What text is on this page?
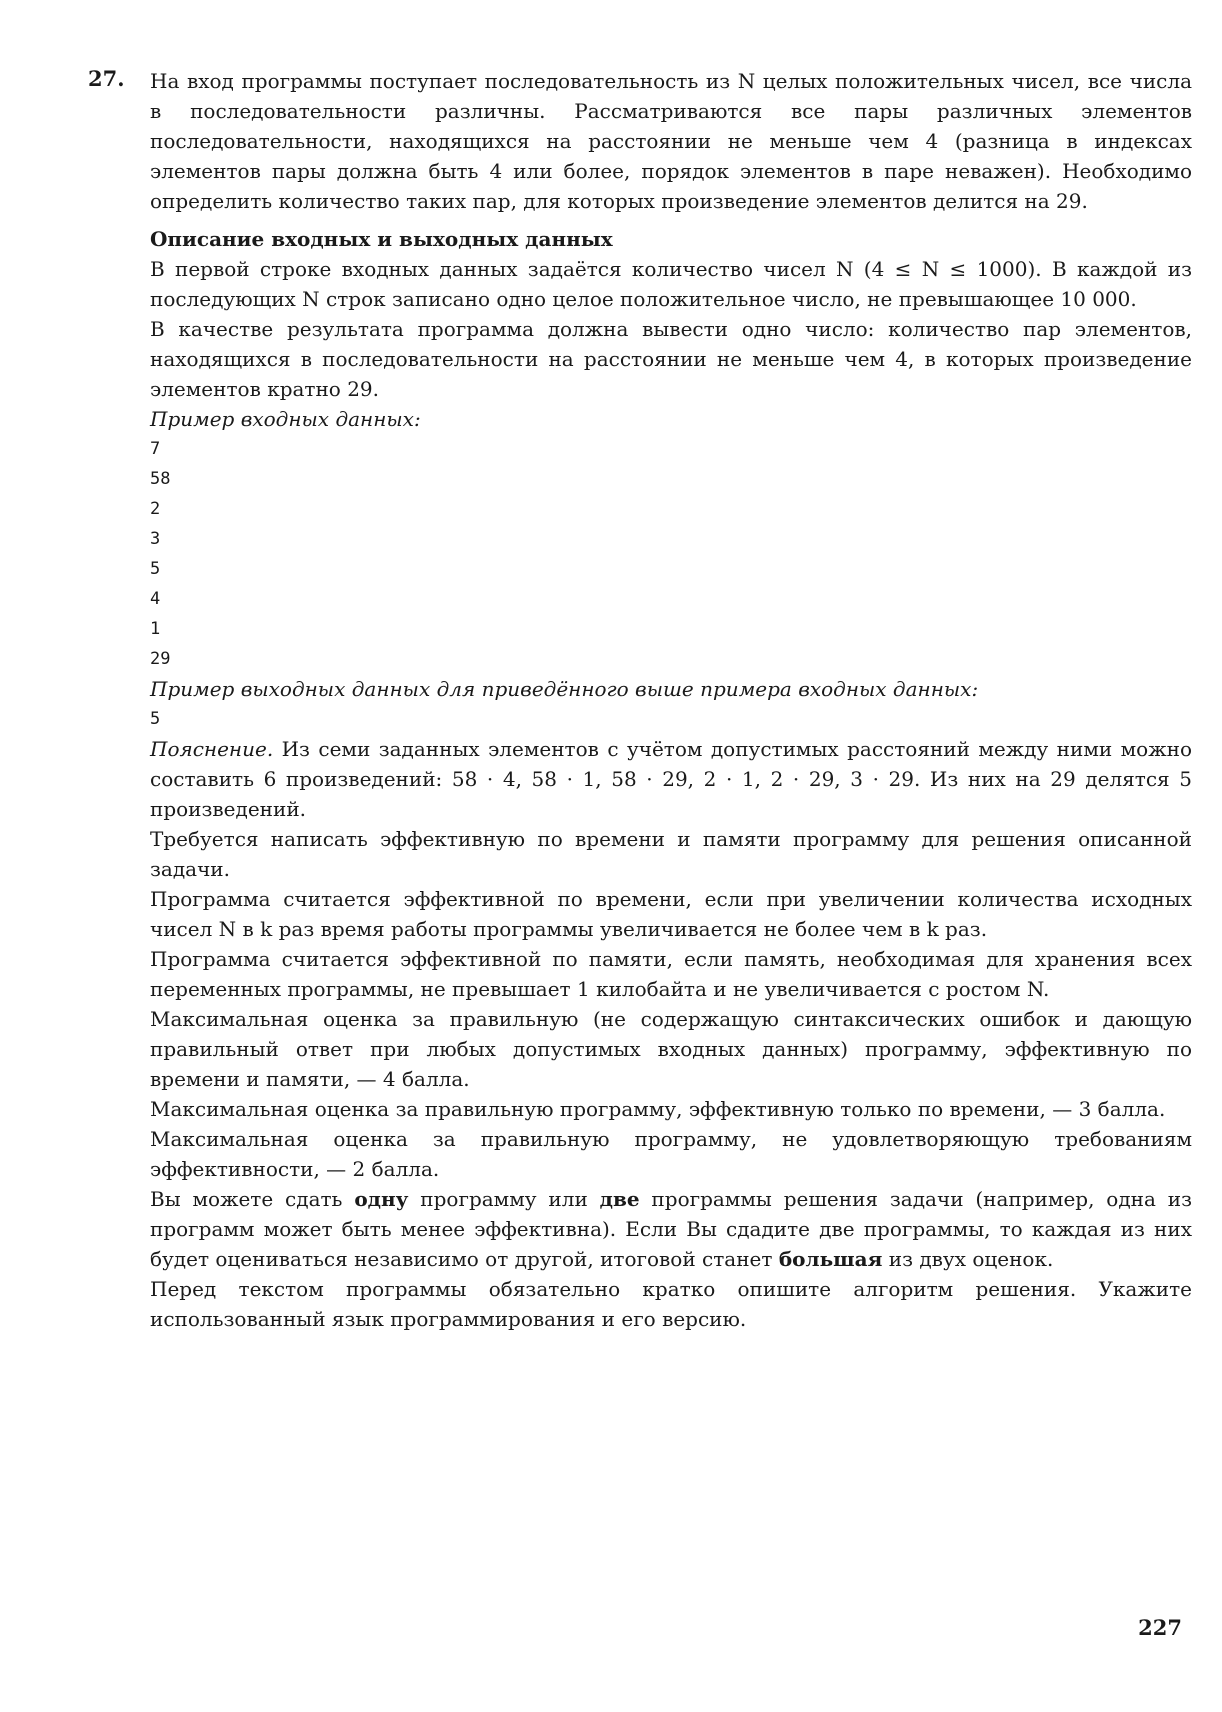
27. На вход программы поступает последовательность из N целых положительных чисел, все числа в последовательности различны. Рассматриваются все пары различных элементов последовательности, находящихся на расстоянии не меньше чем 4 (разница в индексах элементов пары должна быть 4 или более, порядок элементов в паре неважен). Необходимо определить количество таких пар, для которых произведение элементов делится на 29.

Описание входных и выходных данных

В первой строке входных данных задаётся количество чисел N (4 ≤ N ≤ 1000). В каждой из последующих N строк записано одно целое положительное число, не превышающее 10 000.

В качестве результата программа должна вывести одно число: количество пар элементов, находящихся в последовательности на расстоянии не меньше чем 4, в которых произведение элементов кратно 29.

Пример входных данных:

7
58
2
3
5
4
1
29

Пример выходных данных для приведённого выше примера входных данных:

5

Пояснение. Из семи заданных элементов с учётом допустимых расстояний между ними можно составить 6 произведений: 58 · 4, 58 · 1, 58 · 29, 2 · 1, 2 · 29, 3 · 29. Из них на 29 делятся 5 произведений.

Требуется написать эффективную по времени и памяти программу для решения описанной задачи.

Программа считается эффективной по времени, если при увеличении количества исходных чисел N в k раз время работы программы увеличивается не более чем в k раз.

Программа считается эффективной по памяти, если память, необходимая для хранения всех переменных программы, не превышает 1 килобайта и не увеличивается с ростом N.

Максимальная оценка за правильную (не содержащую синтаксических ошибок и дающую правильный ответ при любых допустимых входных данных) программу, эффективную по времени и памяти, — 4 балла.

Максимальная оценка за правильную программу, эффективную только по времени, — 3 балла.

Максимальная оценка за правильную программу, не удовлетворяющую требованиям эффективности, — 2 балла.

Вы можете сдать одну программу или две программы решения задачи (например, одна из программ может быть менее эффективна). Если Вы сдадите две программы, то каждая из них будет оцениваться независимо от другой, итоговой станет большая из двух оценок.

Перед текстом программы обязательно кратко опишите алгоритм решения. Укажите использованный язык программирования и его версию.

227
